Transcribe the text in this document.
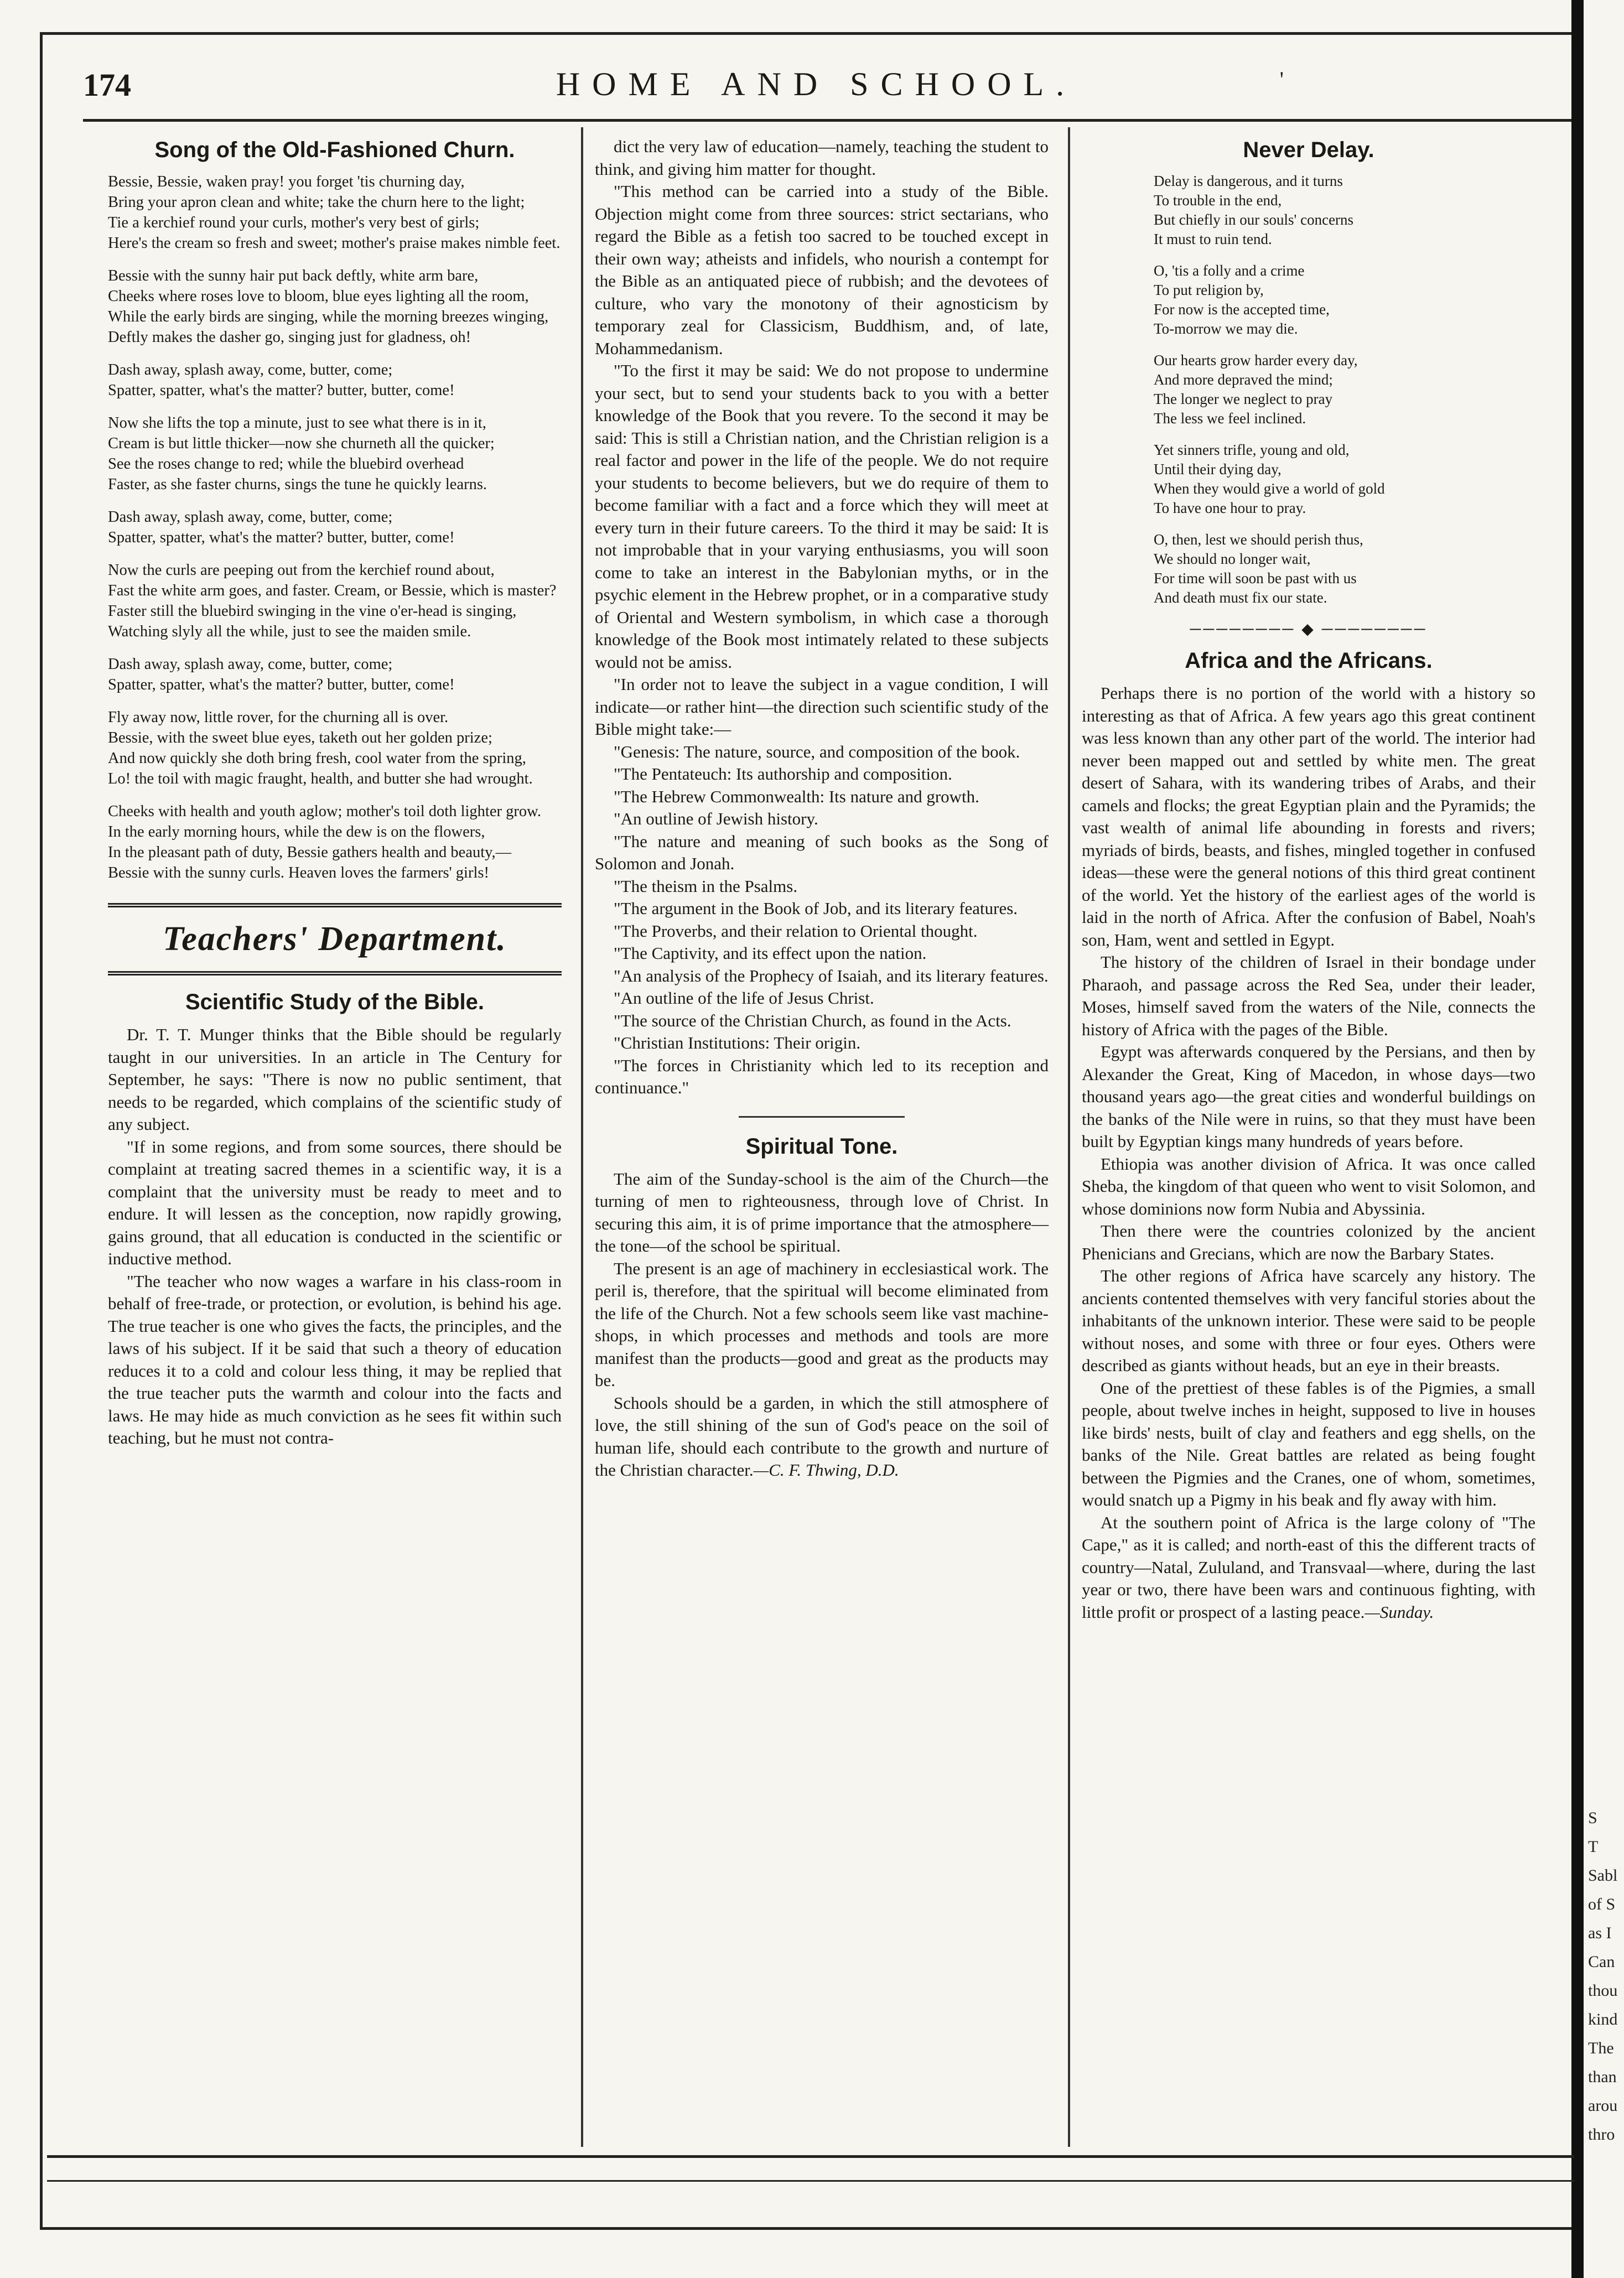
S
T
Sabl
of S
as I
Can
thou
kind
The
than
arou
thro
174	HOME AND SCHOOL.	'
Song of the Old-Fashioned Churn.
Bessie, Bessie, waken pray! you forget 'tis churning day,
Bring your apron clean and white; take the churn here to the light;
Tie a kerchief round your curls, mother's very best of girls;
Here's the cream so fresh and sweet; mother's praise makes nimble feet.
Bessie with the sunny hair put back deftly, white arm bare,
Cheeks where roses love to bloom, blue eyes lighting all the room,
While the early birds are singing, while the morning breezes winging,
Deftly makes the dasher go, singing just for gladness, oh!
Dash away, splash away, come, butter, come;
Spatter, spatter, what's the matter? butter, butter, come!
Now she lifts the top a minute, just to see what there is in it,
Cream is but little thicker—now she churneth all the quicker;
See the roses change to red; while the bluebird overhead
Faster, as she faster churns, sings the tune he quickly learns.
Dash away, splash away, come, butter, come;
Spatter, spatter, what's the matter? butter, butter, come!
Now the curls are peeping out from the kerchief round about,
Fast the white arm goes, and faster. Cream, or Bessie, which is master?
Faster still the bluebird swinging in the vine o'er-head is singing,
Watching slyly all the while, just to see the maiden smile.
Dash away, splash away, come, butter, come;
Spatter, spatter, what's the matter? butter, butter, come!
Fly away now, little rover, for the churning all is over.
Bessie, with the sweet blue eyes, taketh out her golden prize;
And now quickly she doth bring fresh, cool water from the spring,
Lo! the toil with magic fraught, health, and butter she had wrought.
Cheeks with health and youth aglow; mother's toil doth lighter grow.
In the early morning hours, while the dew is on the flowers,
In the pleasant path of duty, Bessie gathers health and beauty,—
Bessie with the sunny curls. Heaven loves the farmers' girls!
Teachers' Department.
Scientific Study of the Bible.

Dr. T. T. Munger thinks that the Bible should be regularly taught in our universities. In an article in The Century for September, he says: "There is now no public sentiment, that needs to be regarded, which complains of the scientific study of any subject.

"If in some regions, and from some sources, there should be complaint at treating sacred themes in a scientific way, it is a complaint that the university must be ready to meet and to endure. It will lessen as the conception, now rapidly growing, gains ground, that all education is conducted in the scientific or inductive method.

"The teacher who now wages a warfare in his class-room in behalf of free-trade, or protection, or evolution, is behind his age. The true teacher is one who gives the facts, the principles, and the laws of his subject. If it be said that such a theory of education reduces it to a cold and colour less thing, it may be replied that the true teacher puts the warmth and colour into the facts and laws. He may hide as much conviction as he sees fit within such teaching, but he must not contra-

dict the very law of education—namely, teaching the student to think, and giving him matter for thought.

"This method can be carried into a study of the Bible. Objection might come from three sources: strict sectarians, who regard the Bible as a fetish too sacred to be touched except in their own way; atheists and infidels, who nourish a contempt for the Bible as an antiquated piece of rubbish; and the devotees of culture, who vary the monotony of their agnosticism by temporary zeal for Classicism, Buddhism, and, of late, Mohammedanism.

"To the first it may be said: We do not propose to undermine your sect, but to send your students back to you with a better knowledge of the Book that you revere. To the second it may be said: This is still a Christian nation, and the Christian religion is a real factor and power in the life of the people. We do not require your students to become believers, but we do require of them to become familiar with a fact and a force which they will meet at every turn in their future careers. To the third it may be said: It is not improbable that in your varying enthusiasms, you will soon come to take an interest in the Babylonian myths, or in the psychic element in the Hebrew prophet, or in a comparative study of Oriental and Western symbolism, in which case a thorough knowledge of the Book most intimately related to these subjects would not be amiss.

"In order not to leave the subject in a vague condition, I will indicate—or rather hint—the direction such scientific study of the Bible might take:—

"Genesis: The nature, source, and composition of the book.

"The Pentateuch: Its authorship and composition.

"The Hebrew Commonwealth: Its nature and growth.

"An outline of Jewish history.

"The nature and meaning of such books as the Song of Solomon and Jonah.

"The theism in the Psalms.

"The argument in the Book of Job, and its literary features.

"The Proverbs, and their relation to Oriental thought.

"The Captivity, and its effect upon the nation.

"An analysis of the Prophecy of Isaiah, and its literary features.

"An outline of the life of Jesus Christ.

"The source of the Christian Church, as found in the Acts.

"Christian Institutions: Their origin.

"The forces in Christianity which led to its reception and continuance."

Spiritual Tone.

The aim of the Sunday-school is the aim of the Church—the turning of men to righteousness, through love of Christ. In securing this aim, it is of prime importance that the atmosphere—the tone—of the school be spiritual.

The present is an age of machinery in ecclesiastical work. The peril is, therefore, that the spiritual will become eliminated from the life of the Church. Not a few schools seem like vast machine-shops, in which processes and methods and tools are more manifest than the products—good and great as the products may be.

Schools should be a garden, in which the still atmosphere of love, the still shining of the sun of God's peace on the soil of human life, should each contribute to the growth and nurture of the Christian character.—C. F. Thwing, D.D.

Never Delay.
Delay is dangerous, and it turns
To trouble in the end,
But chiefly in our souls' concerns
It must to ruin tend.
O, 'tis a folly and a crime
To put religion by,
For now is the accepted time,
To-morrow we may die.
Our hearts grow harder every day,
And more depraved the mind;
The longer we neglect to pray
The less we feel inclined.
Yet sinners trifle, young and old,
Until their dying day,
When they would give a world of gold
To have one hour to pray.
O, then, lest we should perish thus,
We should no longer wait,
For time will soon be past with us
And death must fix our state.
──────── ◆ ────────
Africa and the Africans.

Perhaps there is no portion of the world with a history so interesting as that of Africa. A few years ago this great continent was less known than any other part of the world. The interior had never been mapped out and settled by white men. The great desert of Sahara, with its wandering tribes of Arabs, and their camels and flocks; the great Egyptian plain and the Pyramids; the vast wealth of animal life abounding in forests and rivers; myriads of birds, beasts, and fishes, mingled together in confused ideas—these were the general notions of this third great continent of the world. Yet the history of the earliest ages of the world is laid in the north of Africa. After the confusion of Babel, Noah's son, Ham, went and settled in Egypt.

The history of the children of Israel in their bondage under Pharaoh, and passage across the Red Sea, under their leader, Moses, himself saved from the waters of the Nile, connects the history of Africa with the pages of the Bible.

Egypt was afterwards conquered by the Persians, and then by Alexander the Great, King of Macedon, in whose days—two thousand years ago—the great cities and wonderful buildings on the banks of the Nile were in ruins, so that they must have been built by Egyptian kings many hundreds of years before.

Ethiopia was another division of Africa. It was once called Sheba, the kingdom of that queen who went to visit Solomon, and whose dominions now form Nubia and Abyssinia.

Then there were the countries colonized by the ancient Phenicians and Grecians, which are now the Barbary States.

The other regions of Africa have scarcely any history. The ancients contented themselves with very fanciful stories about the inhabitants of the unknown interior. These were said to be people without noses, and some with three or four eyes. Others were described as giants without heads, but an eye in their breasts.

One of the prettiest of these fables is of the Pigmies, a small people, about twelve inches in height, supposed to live in houses like birds' nests, built of clay and feathers and egg shells, on the banks of the Nile. Great battles are related as being fought between the Pigmies and the Cranes, one of whom, sometimes, would snatch up a Pigmy in his beak and fly away with him.

At the southern point of Africa is the large colony of "The Cape," as it is called; and north-east of this the different tracts of country—Natal, Zululand, and Transvaal—where, during the last year or two, there have been wars and continuous fighting, with little profit or prospect of a lasting peace.—Sunday.
